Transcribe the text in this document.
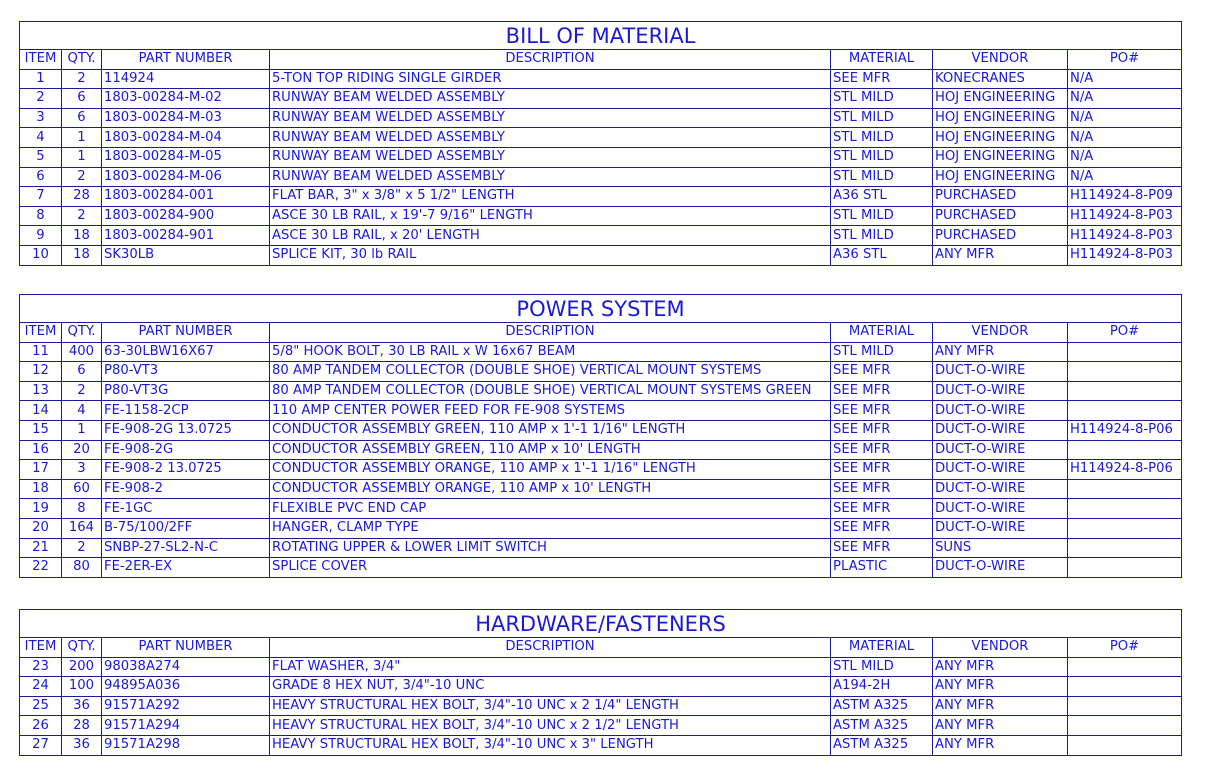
BILL OF MATERIAL						
ITEM	QTY.	PART NUMBER	DESCRIPTION	MATERIAL	VENDOR	PO#
1	2	114924	5-TON TOP RIDING SINGLE GIRDER	SEE MFR	KONECRANES	N/A
2	6	1803-00284-M-02	RUNWAY BEAM WELDED ASSEMBLY	STL MILD	HOJ ENGINEERING	N/A
3	6	1803-00284-M-03	RUNWAY BEAM WELDED ASSEMBLY	STL MILD	HOJ ENGINEERING	N/A
4	1	1803-00284-M-04	RUNWAY BEAM WELDED ASSEMBLY	STL MILD	HOJ ENGINEERING	N/A
5	1	1803-00284-M-05	RUNWAY BEAM WELDED ASSEMBLY	STL MILD	HOJ ENGINEERING	N/A
6	2	1803-00284-M-06	RUNWAY BEAM WELDED ASSEMBLY	STL MILD	HOJ ENGINEERING	N/A
7	28	1803-00284-001	FLAT BAR, 3" x 3/8" x 5 1/2" LENGTH	A36 STL	PURCHASED	H114924-8-P09
8	2	1803-00284-900	ASCE 30 LB RAIL, x 19'-7 9/16" LENGTH	STL MILD	PURCHASED	H114924-8-P03
9	18	1803-00284-901	ASCE 30 LB RAIL, x 20' LENGTH	STL MILD	PURCHASED	H114924-8-P03
10	18	SK30LB	SPLICE KIT, 30 lb RAIL	A36 STL	ANY MFR	H114924-8-P03
POWER SYSTEM						
ITEM	QTY.	PART NUMBER	DESCRIPTION	MATERIAL	VENDOR	PO#
11	400	63-30LBW16X67	5/8" HOOK BOLT, 30 LB RAIL x W 16x67 BEAM	STL MILD	ANY MFR	
12	6	P80-VT3	80 AMP TANDEM COLLECTOR (DOUBLE SHOE) VERTICAL MOUNT SYSTEMS	SEE MFR	DUCT-O-WIRE	
13	2	P80-VT3G	80 AMP TANDEM COLLECTOR (DOUBLE SHOE) VERTICAL MOUNT SYSTEMS GREEN	SEE MFR	DUCT-O-WIRE	
14	4	FE-1158-2CP	110 AMP CENTER POWER FEED FOR FE-908 SYSTEMS	SEE MFR	DUCT-O-WIRE	
15	1	FE-908-2G 13.0725	CONDUCTOR ASSEMBLY GREEN, 110 AMP x 1'-1 1/16" LENGTH	SEE MFR	DUCT-O-WIRE	H114924-8-P06
16	20	FE-908-2G	CONDUCTOR ASSEMBLY GREEN, 110 AMP x 10' LENGTH	SEE MFR	DUCT-O-WIRE	
17	3	FE-908-2 13.0725	CONDUCTOR ASSEMBLY ORANGE, 110 AMP x 1'-1 1/16" LENGTH	SEE MFR	DUCT-O-WIRE	H114924-8-P06
18	60	FE-908-2	CONDUCTOR ASSEMBLY ORANGE, 110 AMP x 10' LENGTH	SEE MFR	DUCT-O-WIRE	
19	8	FE-1GC	FLEXIBLE PVC END CAP	SEE MFR	DUCT-O-WIRE	
20	164	B-75/100/2FF	HANGER, CLAMP TYPE	SEE MFR	DUCT-O-WIRE	
21	2	SNBP-27-SL2-N-C	ROTATING UPPER & LOWER LIMIT SWITCH	SEE MFR	SUNS	
22	80	FE-2ER-EX	SPLICE COVER	PLASTIC	DUCT-O-WIRE	
HARDWARE/FASTENERS						
ITEM	QTY.	PART NUMBER	DESCRIPTION	MATERIAL	VENDOR	PO#
23	200	98038A274	FLAT WASHER, 3/4"	STL MILD	ANY MFR	
24	100	94895A036	GRADE 8 HEX NUT, 3/4"-10 UNC	A194-2H	ANY MFR	
25	36	91571A292	HEAVY STRUCTURAL HEX BOLT, 3/4"-10 UNC x 2 1/4" LENGTH	ASTM A325	ANY MFR	
26	28	91571A294	HEAVY STRUCTURAL HEX BOLT, 3/4"-10 UNC x 2 1/2" LENGTH	ASTM A325	ANY MFR	
27	36	91571A298	HEAVY STRUCTURAL HEX BOLT, 3/4"-10 UNC x 3" LENGTH	ASTM A325	ANY MFR	
